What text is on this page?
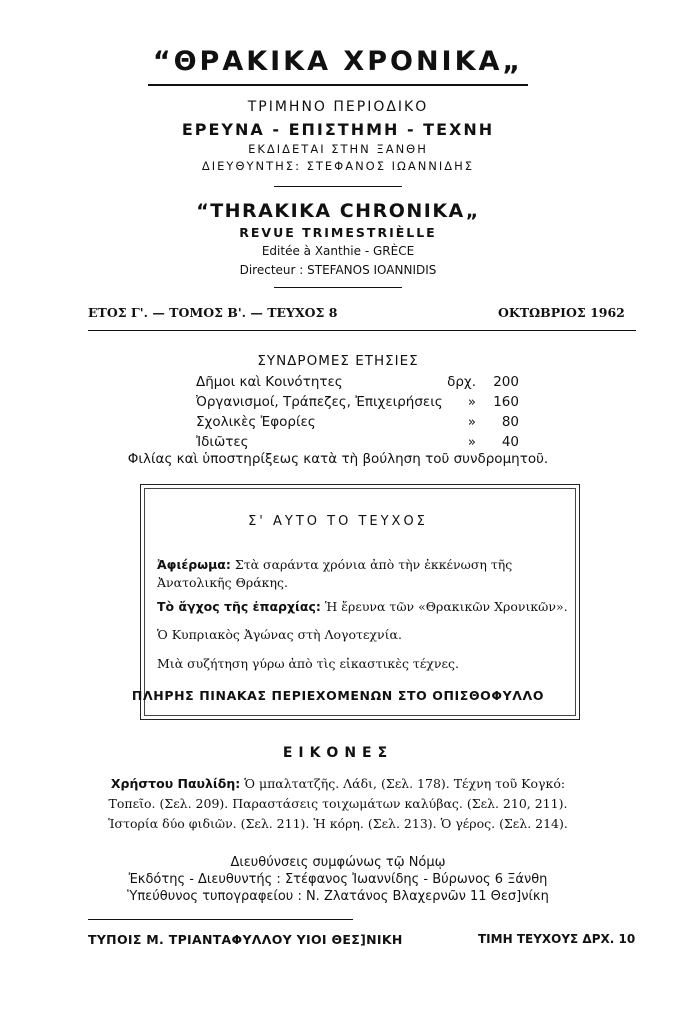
“ΘΡΑΚΙΚΑ ΧΡΟΝΙΚΑ„
ΤΡΙΜΗΝΟ ΠΕΡΙΟΔΙΚΟ
ΕΡΕΥΝΑ - ΕΠΙΣΤΗΜΗ - ΤΕΧΝΗ
ΕΚΔΙΔΕΤΑΙ ΣΤΗΝ ΞΑΝΘΗ
ΔΙΕΥΘΥΝΤΗΣ: ΣΤΕΦΑΝΟΣ ΙΩΑΝΝΙΔΗΣ
“THRAKIKA CHRONIKA„
REVUE TRIMESTRIÈLLE
Editée à Xanthie - GRÈCE
Directeur : STEFANOS IOANNIDIS
ΕΤΟΣ Γ'. — ΤΟΜΟΣ Β'. — ΤΕΥΧΟΣ 8	ΟΚΤΩΒΡΙΟΣ 1962
ΣΥΝΔΡΟΜΕΣ ΕΤΗΣΙΕΣ
Δῆμοι καὶ Κοινότητες	δρχ.	200
Ὀργανισμοί, Τράπεζες, Ἐπιχειρήσεις	»	160
Σχολικὲς Ἐφορίες	»	80
Ἰδιῶτες	»	40
Φιλίας καὶ ὑποστηρίξεως κατὰ τὴ βούληση τοῦ συνδρομητοῦ.
Σ' ΑΥΤΟ ΤΟ ΤΕΥΧΟΣ
Ἀφιέρωμα: Στὰ σαράντα χρόνια ἀπὸ τὴν ἐκκένωση τῆς Ἀνατολικῆς Θράκης.
Τὸ ἄγχος τῆς ἐπαρχίας: Ἡ ἔρευνα τῶν «Θρακικῶν Χρονικῶν».
Ὁ Κυπριακὸς Ἀγώνας στὴ Λογοτεχνία.
Μιὰ συζήτηση γύρω ἀπὸ τὶς εἰκαστικὲς τέχνες.
ΠΛΗΡΗΣ ΠΙΝΑΚΑΣ ΠΕΡΙΕΧΟΜΕΝΩΝ ΣΤΟ ΟΠΙΣΘΟΦΥΛΛΟ
ΕΙΚΟΝΕΣ
Χρήστου Παυλίδη: Ὁ μπαλτατζῆς. Λάδι, (Σελ. 178). Τέχνη τοῦ Κογκό: Τοπεῖο. (Σελ. 209). Παραστάσεις τοιχωμάτων καλύβας. (Σελ. 210, 211). Ἱστορία δύο φιδιῶν. (Σελ. 211). Ἡ κόρη. (Σελ. 213). Ὁ γέρος. (Σελ. 214).
Διευθύνσεις συμφώνως τῷ Νόμῳ
Ἐκδότης - Διευθυντής : Στέφανος Ἰωαννίδης - Βύρωνος 6 Ξάνθη
Ὑπεύθυνος τυπογραφείου : Ν. Ζλατάνος Βλαχερνῶν 11 Θεσ]νίκη
ΤΥΠΟΙΣ Μ. ΤΡΙΑΝΤΑΦΥΛΛΟΥ ΥΙΟΙ ΘΕΣ]ΝΙΚΗ	ΤΙΜΗ ΤΕΥΧΟΥΣ ΔΡΧ. 10
